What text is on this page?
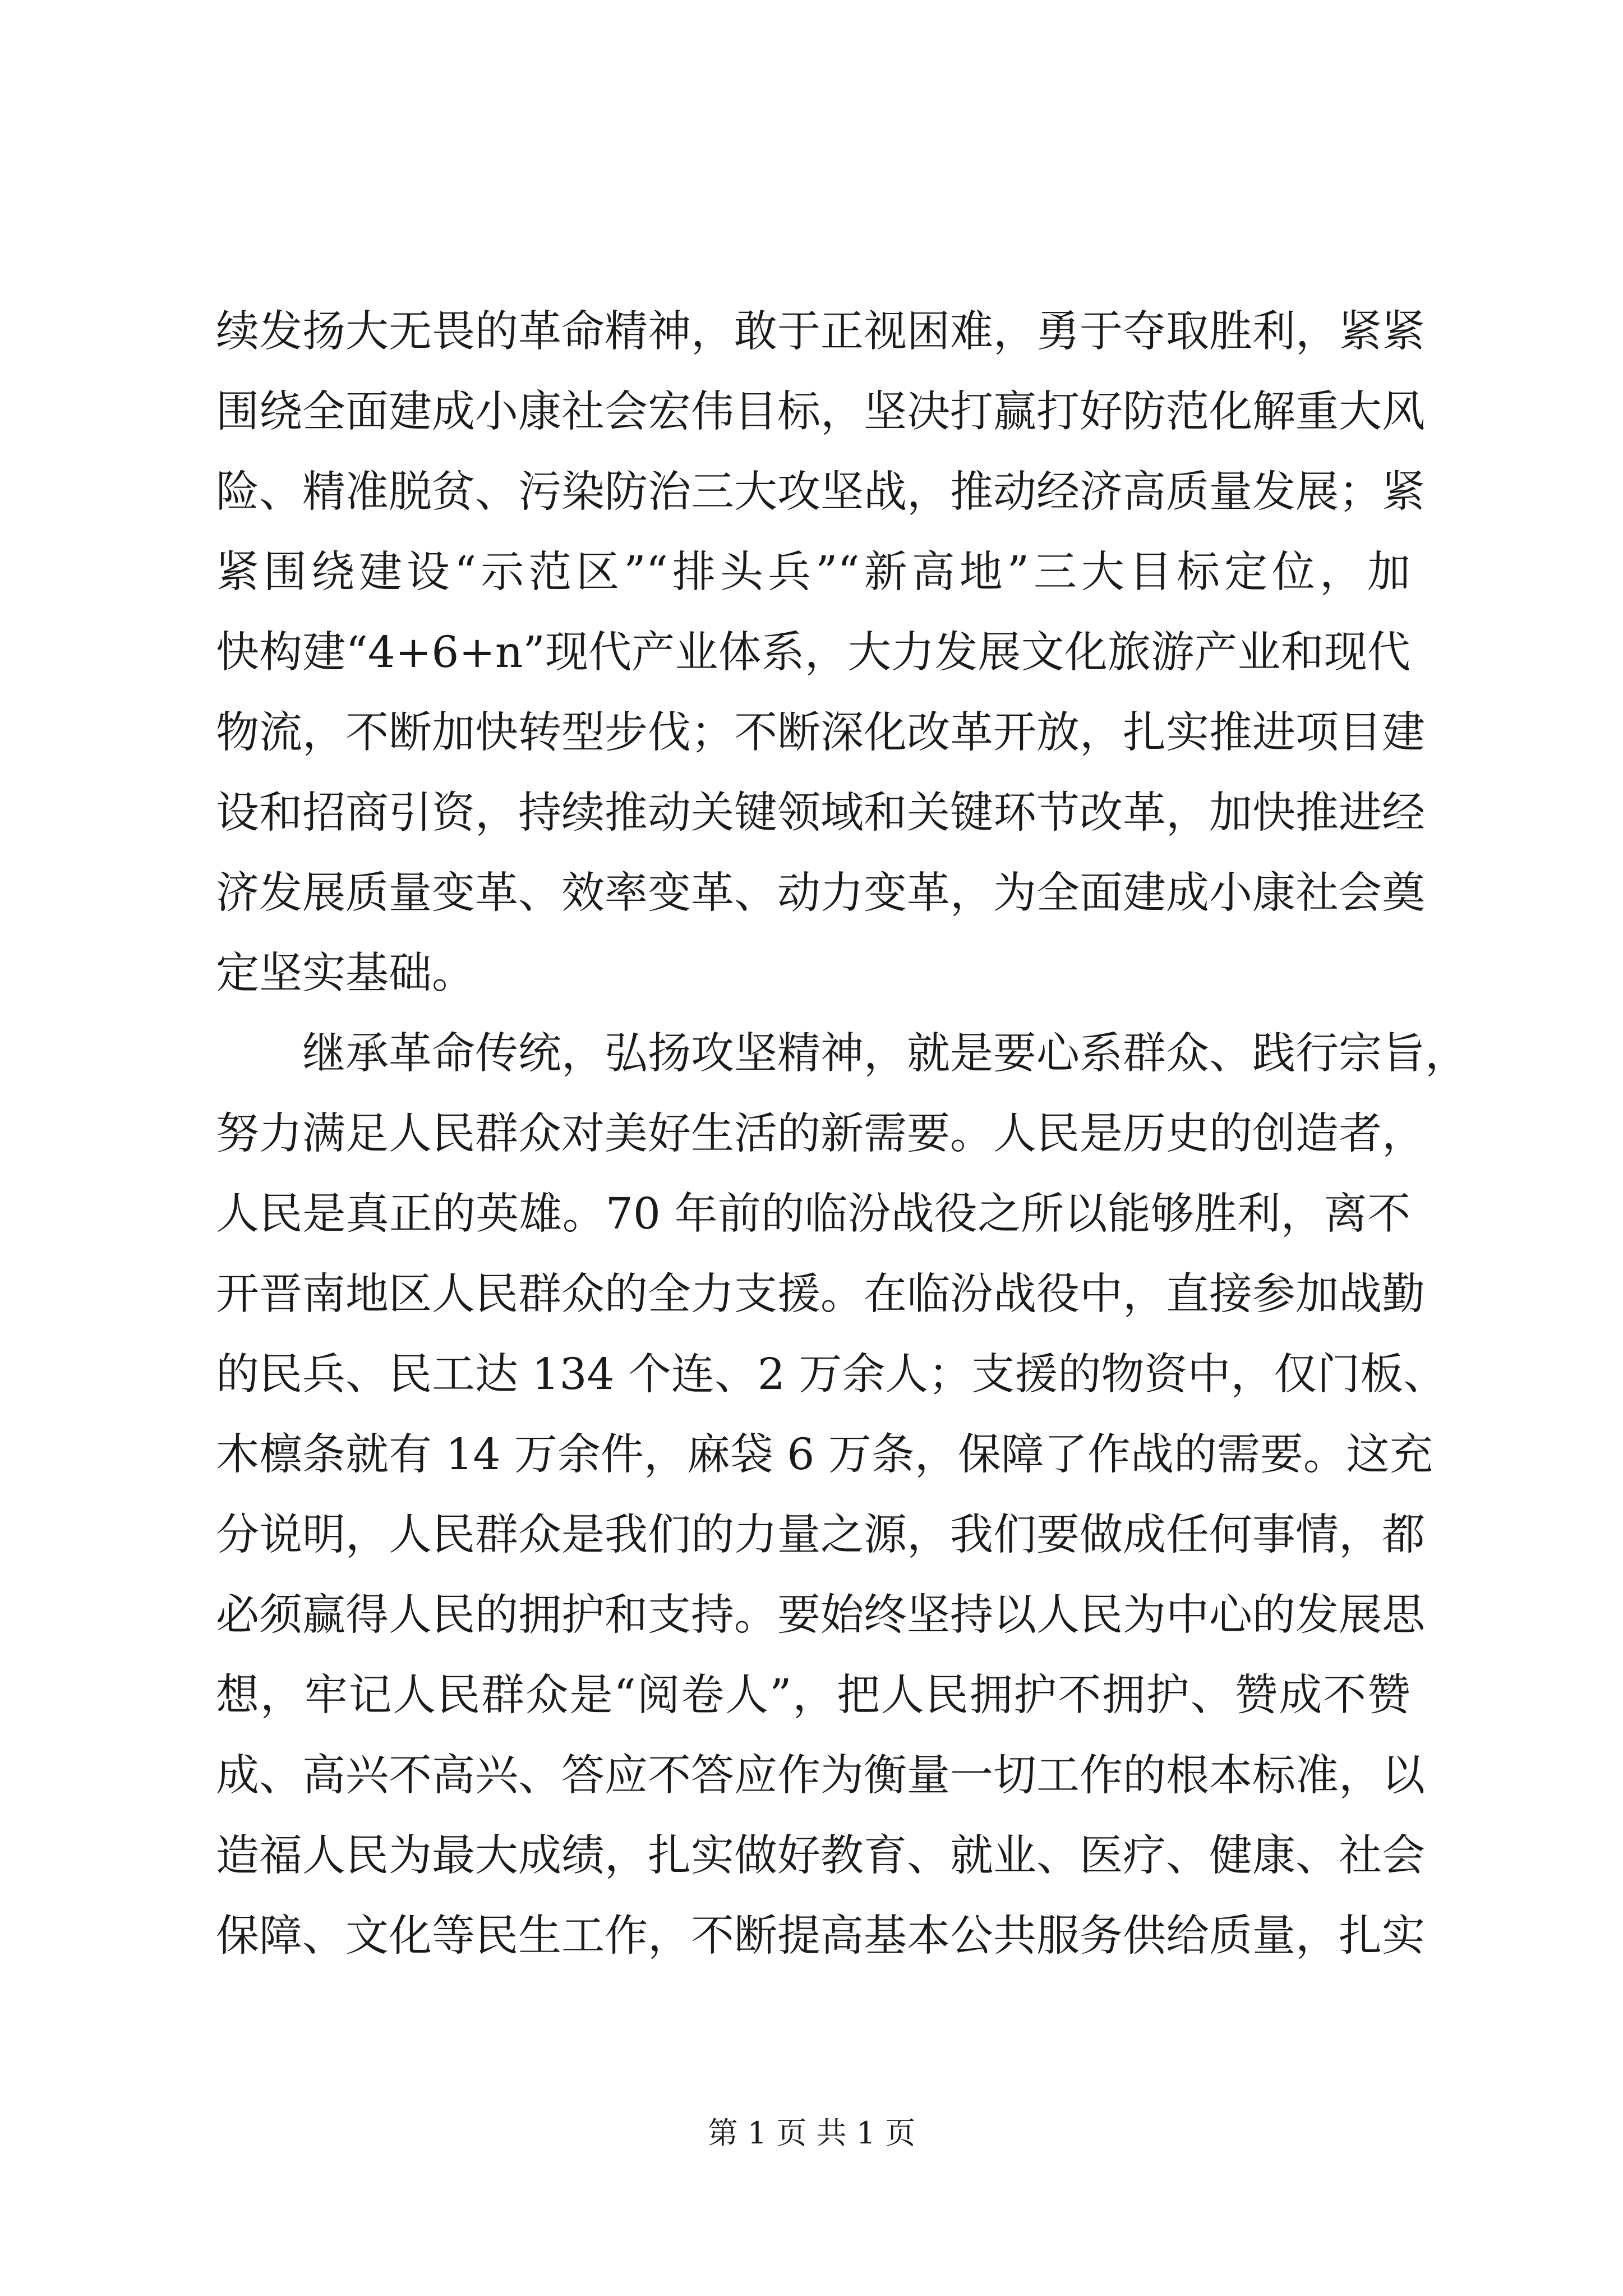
续发扬大无畏的革命精神，敢于正视困难，勇于夺取胜利，紧紧
围绕全面建成小康社会宏伟目标，坚决打赢打好防范化解重大风
险、精准脱贫、污染防治三大攻坚战，推动经济高质量发展；紧
紧围绕建设“示范区”“排头兵”“新高地”三大目标定位，加
快构建“4+6+n”现代产业体系，大力发展文化旅游产业和现代
物流，不断加快转型步伐；不断深化改革开放，扎实推进项目建
设和招商引资，持续推动关键领域和关键环节改革，加快推进经
济发展质量变革、效率变革、动力变革，为全面建成小康社会奠
定坚实基础。
继承革命传统，弘扬攻坚精神，就是要心系群众、践行宗旨，
努力满足人民群众对美好生活的新需要。人民是历史的创造者，
人民是真正的英雄。70 年前的临汾战役之所以能够胜利，离不
开晋南地区人民群众的全力支援。在临汾战役中，直接参加战勤
的民兵、民工达 134 个连、2 万余人；支援的物资中，仅门板、
木檩条就有 14 万余件，麻袋 6 万条，保障了作战的需要。这充
分说明，人民群众是我们的力量之源，我们要做成任何事情，都
必须赢得人民的拥护和支持。要始终坚持以人民为中心的发展思
想，牢记人民群众是“阅卷人”，把人民拥护不拥护、赞成不赞
成、高兴不高兴、答应不答应作为衡量一切工作的根本标准，以
造福人民为最大成绩，扎实做好教育、就业、医疗、健康、社会
保障、文化等民生工作，不断提高基本公共服务供给质量，扎实
第 1 页 共 1 页
